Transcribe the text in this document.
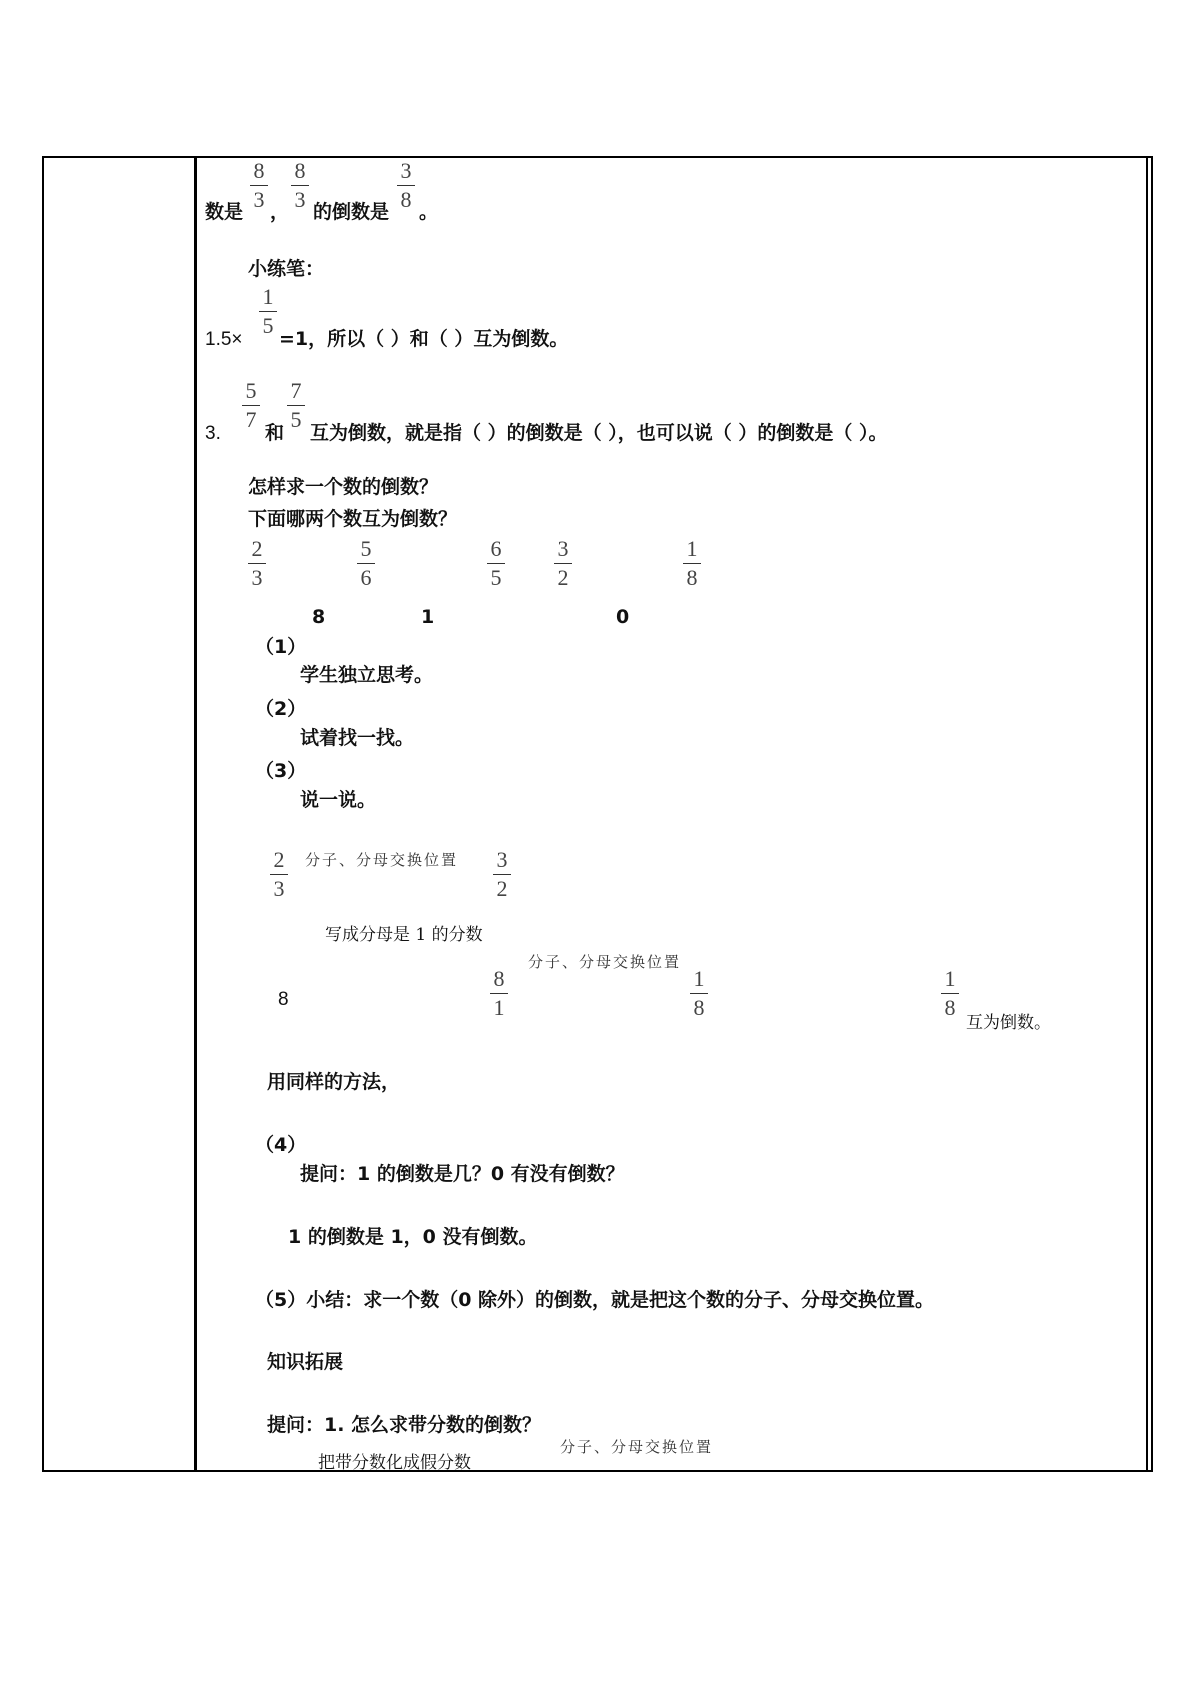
数是
8
3 ，
8
3 的倒数是
3
8 。
小练笔：
1.5×
1
5
=1，所以（ ）和（ ）互为倒数。
3.
5
7
和
7
5
互为倒数，就是指（ ）的倒数是（ ），也可以说（ ）的倒数是（ ）。
怎样求一个数的倒数？
下面哪两个数互为倒数？
2
3
5
6
6
5
3
2
1
8
8	1	0
（1）
学生独立思考。
（2）
试着找一找。
（3）
说一说。
2
3
分子、分母交换位置 3
2
写成分母是 1 的分数
分子、分母交换位置
8
8
1
1
8
1
8
互为倒数。
用同样的方法，
（4）
提问：1 的倒数是几？0 有没有倒数？
1 的倒数是 1，0 没有倒数。
（5）小结：求一个数（0 除外）的倒数，就是把这个数的分子、分母交换位置。
知识拓展
提问：1. 怎么求带分数的倒数？
分子、分母交换位置
把带分数化成假分数
